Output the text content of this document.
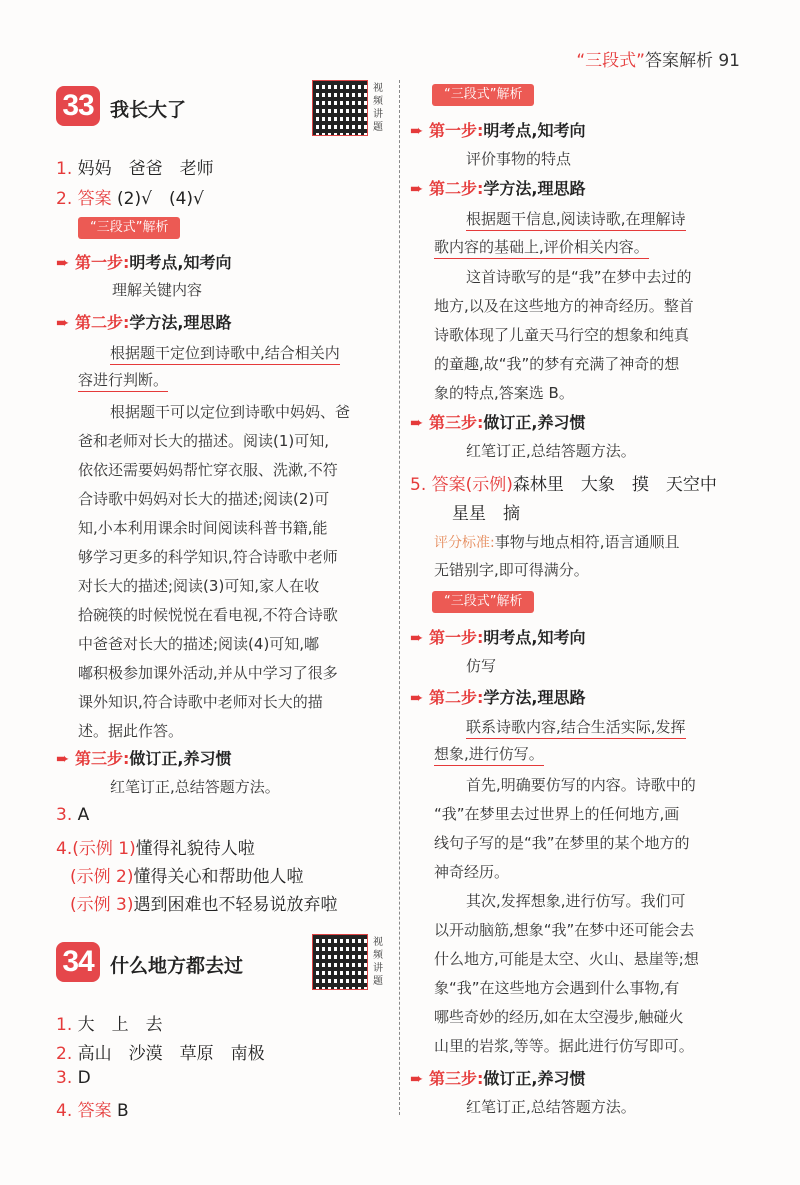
“三段式”答案解析 91
33 我长大了
视频讲题
1. 妈妈　爸爸　老师
2. 答案 (2)√　(4)√
“三段式”解析
➨ 第一步:明考点,知考向
理解关键内容
➨ 第二步:学方法,理思路
根据题干定位到诗歌中,结合相关内
容进行判断。
根据题干可以定位到诗歌中妈妈、爸
爸和老师对长大的描述。阅读(1)可知,
依依还需要妈妈帮忙穿衣服、洗漱,不符
合诗歌中妈妈对长大的描述;阅读(2)可
知,小本利用课余时间阅读科普书籍,能
够学习更多的科学知识,符合诗歌中老师
对长大的描述;阅读(3)可知,家人在收
拾碗筷的时候悦悦在看电视,不符合诗歌
中爸爸对长大的描述;阅读(4)可知,嘟
嘟积极参加课外活动,并从中学习了很多
课外知识,符合诗歌中老师对长大的描
述。据此作答。
➨ 第三步:做订正,养习惯
红笔订正,总结答题方法。
3. A
4.(示例 1)懂得礼貌待人啦
(示例 2)懂得关心和帮助他人啦
(示例 3)遇到困难也不轻易说放弃啦
34 什么地方都去过
视频讲题
1. 大　上　去
2. 高山　沙漠　草原　南极
3. D
4. 答案 B
“三段式”解析
➨ 第一步:明考点,知考向
评价事物的特点
➨ 第二步:学方法,理思路
根据题干信息,阅读诗歌,在理解诗
歌内容的基础上,评价相关内容。
这首诗歌写的是“我”在梦中去过的
地方,以及在这些地方的神奇经历。整首
诗歌体现了儿童天马行空的想象和纯真
的童趣,故“我”的梦有充满了神奇的想
象的特点,答案选 B。
➨ 第三步:做订正,养习惯
红笔订正,总结答题方法。
5. 答案(示例)森林里　大象　摸　天空中
星星　摘
评分标准:事物与地点相符,语言通顺且
无错别字,即可得满分。
“三段式”解析
➨ 第一步:明考点,知考向
仿写
➨ 第二步:学方法,理思路
联系诗歌内容,结合生活实际,发挥
想象,进行仿写。
首先,明确要仿写的内容。诗歌中的
“我”在梦里去过世界上的任何地方,画
线句子写的是“我”在梦里的某个地方的
神奇经历。
其次,发挥想象,进行仿写。我们可
以开动脑筋,想象“我”在梦中还可能会去
什么地方,可能是太空、火山、悬崖等;想
象“我”在这些地方会遇到什么事物,有
哪些奇妙的经历,如在太空漫步,触碰火
山里的岩浆,等等。据此进行仿写即可。
➨ 第三步:做订正,养习惯
红笔订正,总结答题方法。
